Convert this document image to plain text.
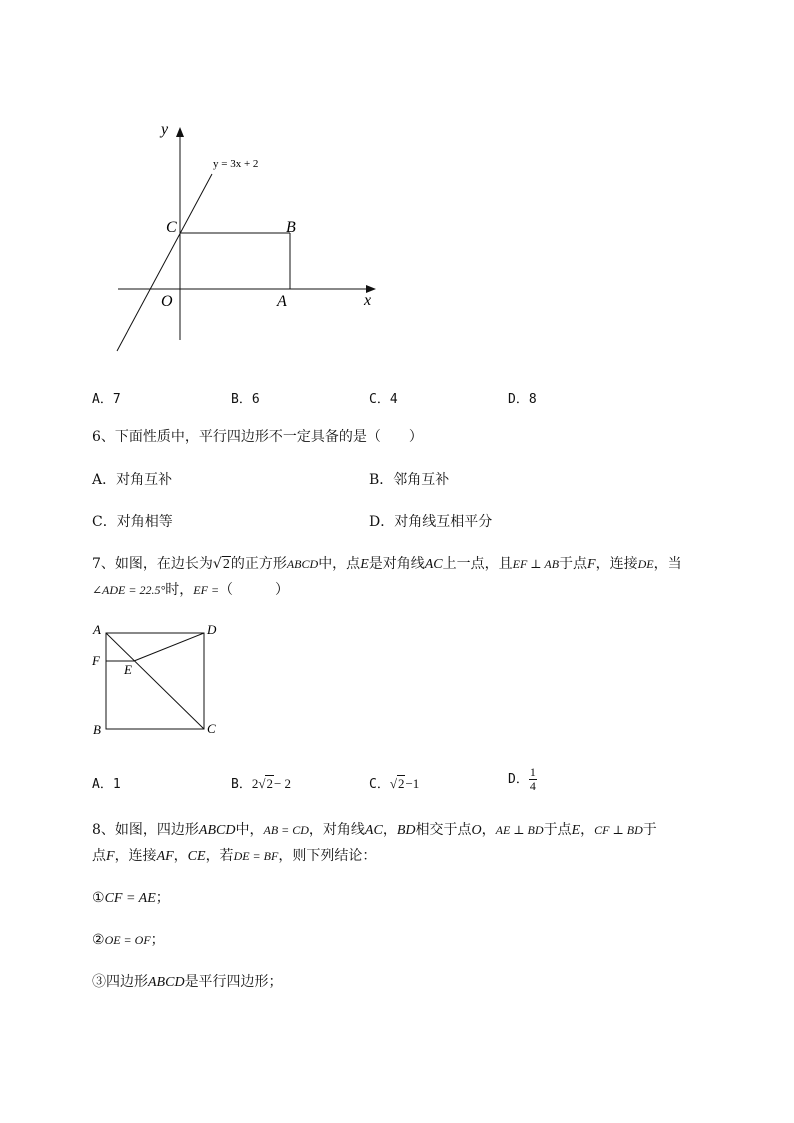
y
x
y = 3x + 2
C	B
O	A
A．7	B．6	C．4	D．8
6、下面性质中，平行四边形不一定具备的是（　　）
A．对角互补	B．邻角互补
C．对角相等	D．对角线互相平分
7、如图，在边长为√2的正方形ABCD中，点E是对角线AC上一点，且EF ⊥ AB于点F，连接DE，当
∠ADE = 22.5°时，EF =（　　　）
A	D
F
E
B	C
A．1	B．2√2− 2	C．√2−1	D． $\frac{1}{4}$
8、如图，四边形ABCD中，AB = CD，对角线AC，BD相交于点O，AE ⊥ BD于点E，CF ⊥ BD于
点F，连接AF，CE，若DE = BF，则下列结论：
①CF = AE；
②OE = OF；
③四边形ABCD是平行四边形；
